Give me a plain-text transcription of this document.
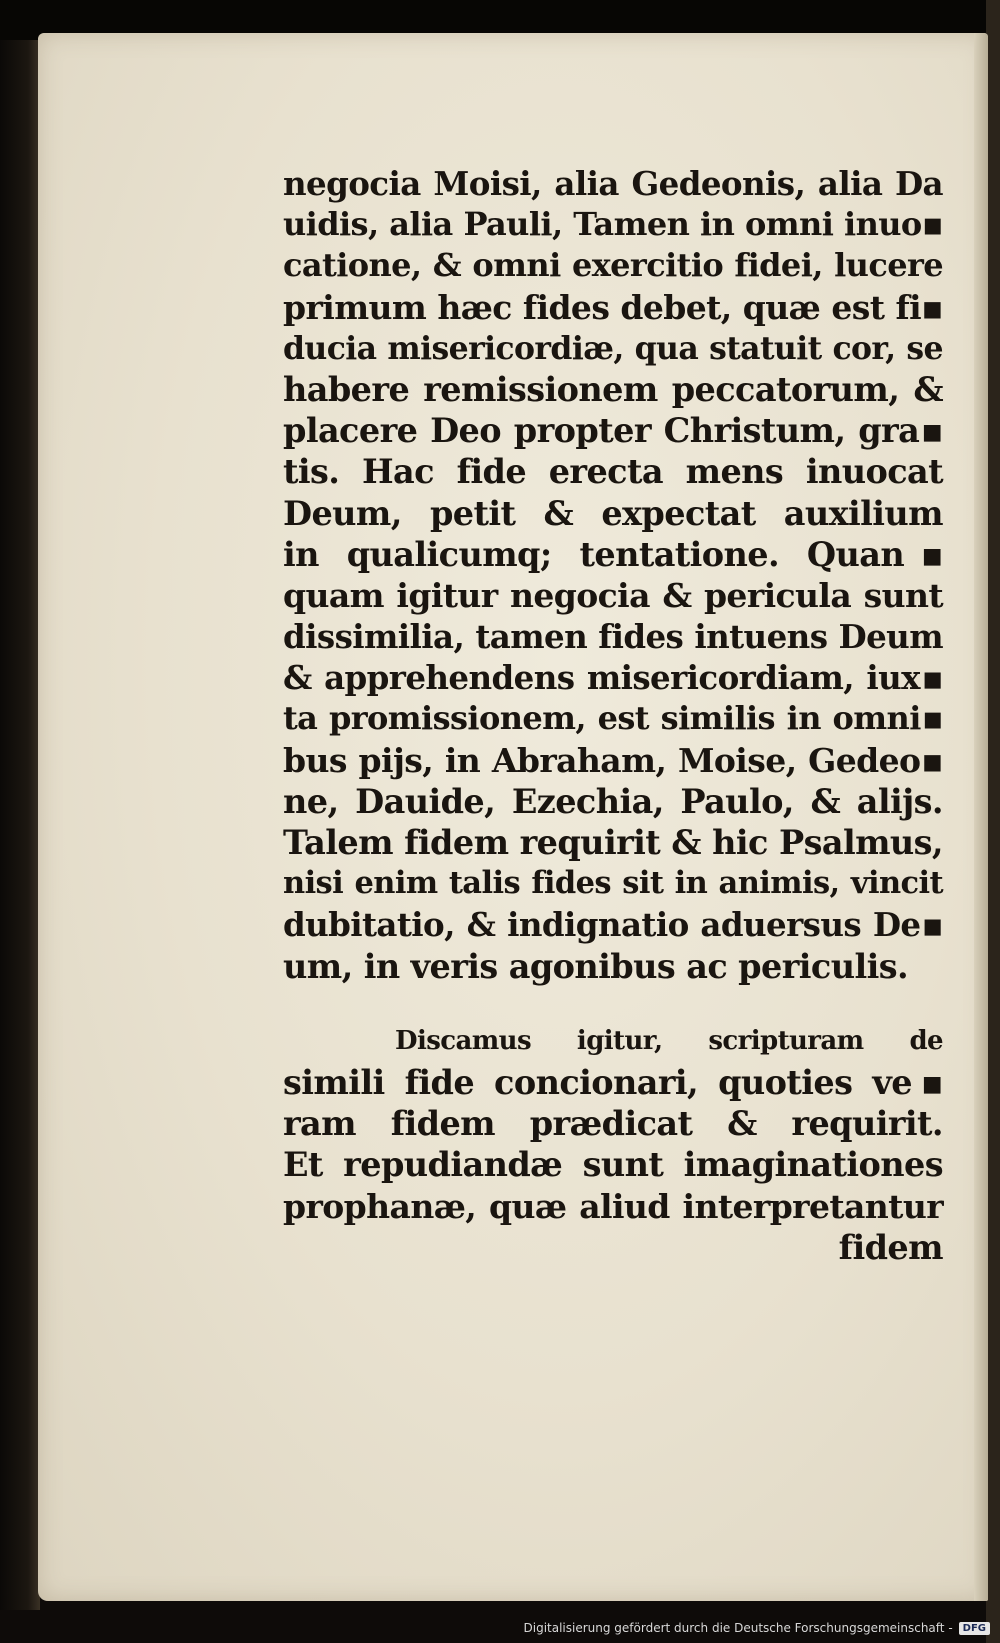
negocia Moisi, alia Gedeonis, alia Da
uidis, alia Pauli, Tamen in omni inuo▪
catione, & omni exercitio fidei, lucere
primum hæc fides debet, quæ est fi▪
ducia misericordiæ, qua statuit cor, se
habere remissionem peccatorum, &
placere Deo propter Christum, gra▪
tis. Hac fide erecta mens inuocat
Deum, petit & expectat auxilium
in qualicumq; tentatione. Quan▪
quam igitur negocia & pericula sunt
dissimilia, tamen fides intuens Deum
& apprehendens misericordiam, iux▪
ta promissionem, est similis in omni▪
bus pijs, in Abraham, Moise, Gedeo▪
ne, Dauide, Ezechia, Paulo, & alijs.
Talem fidem requirit & hic Psalmus,
nisi enim talis fides sit in animis, vincit
dubitatio, & indignatio aduersus De▪
um, in veris agonibus ac periculis.
Discamus igitur, scripturam de
simili fide concionari, quoties ve▪
ram fidem prædicat & requirit.
Et repudiandæ sunt imaginationes
prophanæ, quæ aliud interpretantur
fidem
Digitalisierung gefördert durch die Deutsche Forschungsgemeinschaft -	DFG
